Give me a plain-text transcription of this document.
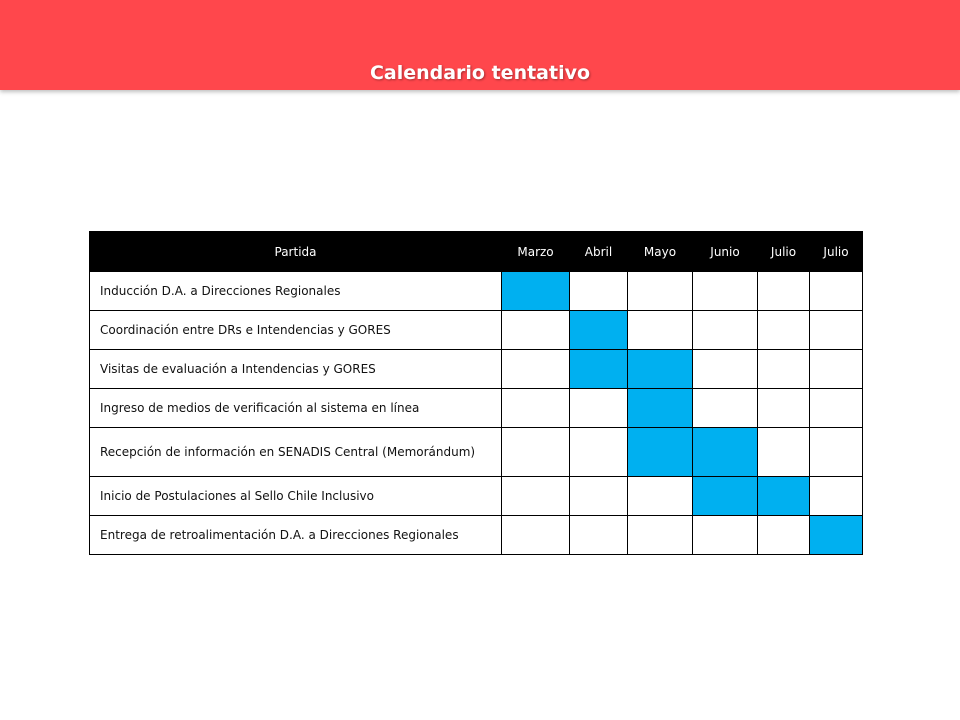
Calendario tentativo
Partida	Marzo	Abril	Mayo	Junio	Julio	Julio
Inducción D.A. a Direcciones Regionales						
Coordinación entre DRs e Intendencias y GORES						
Visitas de evaluación a Intendencias y GORES						
Ingreso de medios de verificación al sistema en línea						
Recepción de información en SENADIS Central (Memorándum)						
Inicio de Postulaciones al Sello Chile Inclusivo						
Entrega de retroalimentación D.A. a Direcciones Regionales						
